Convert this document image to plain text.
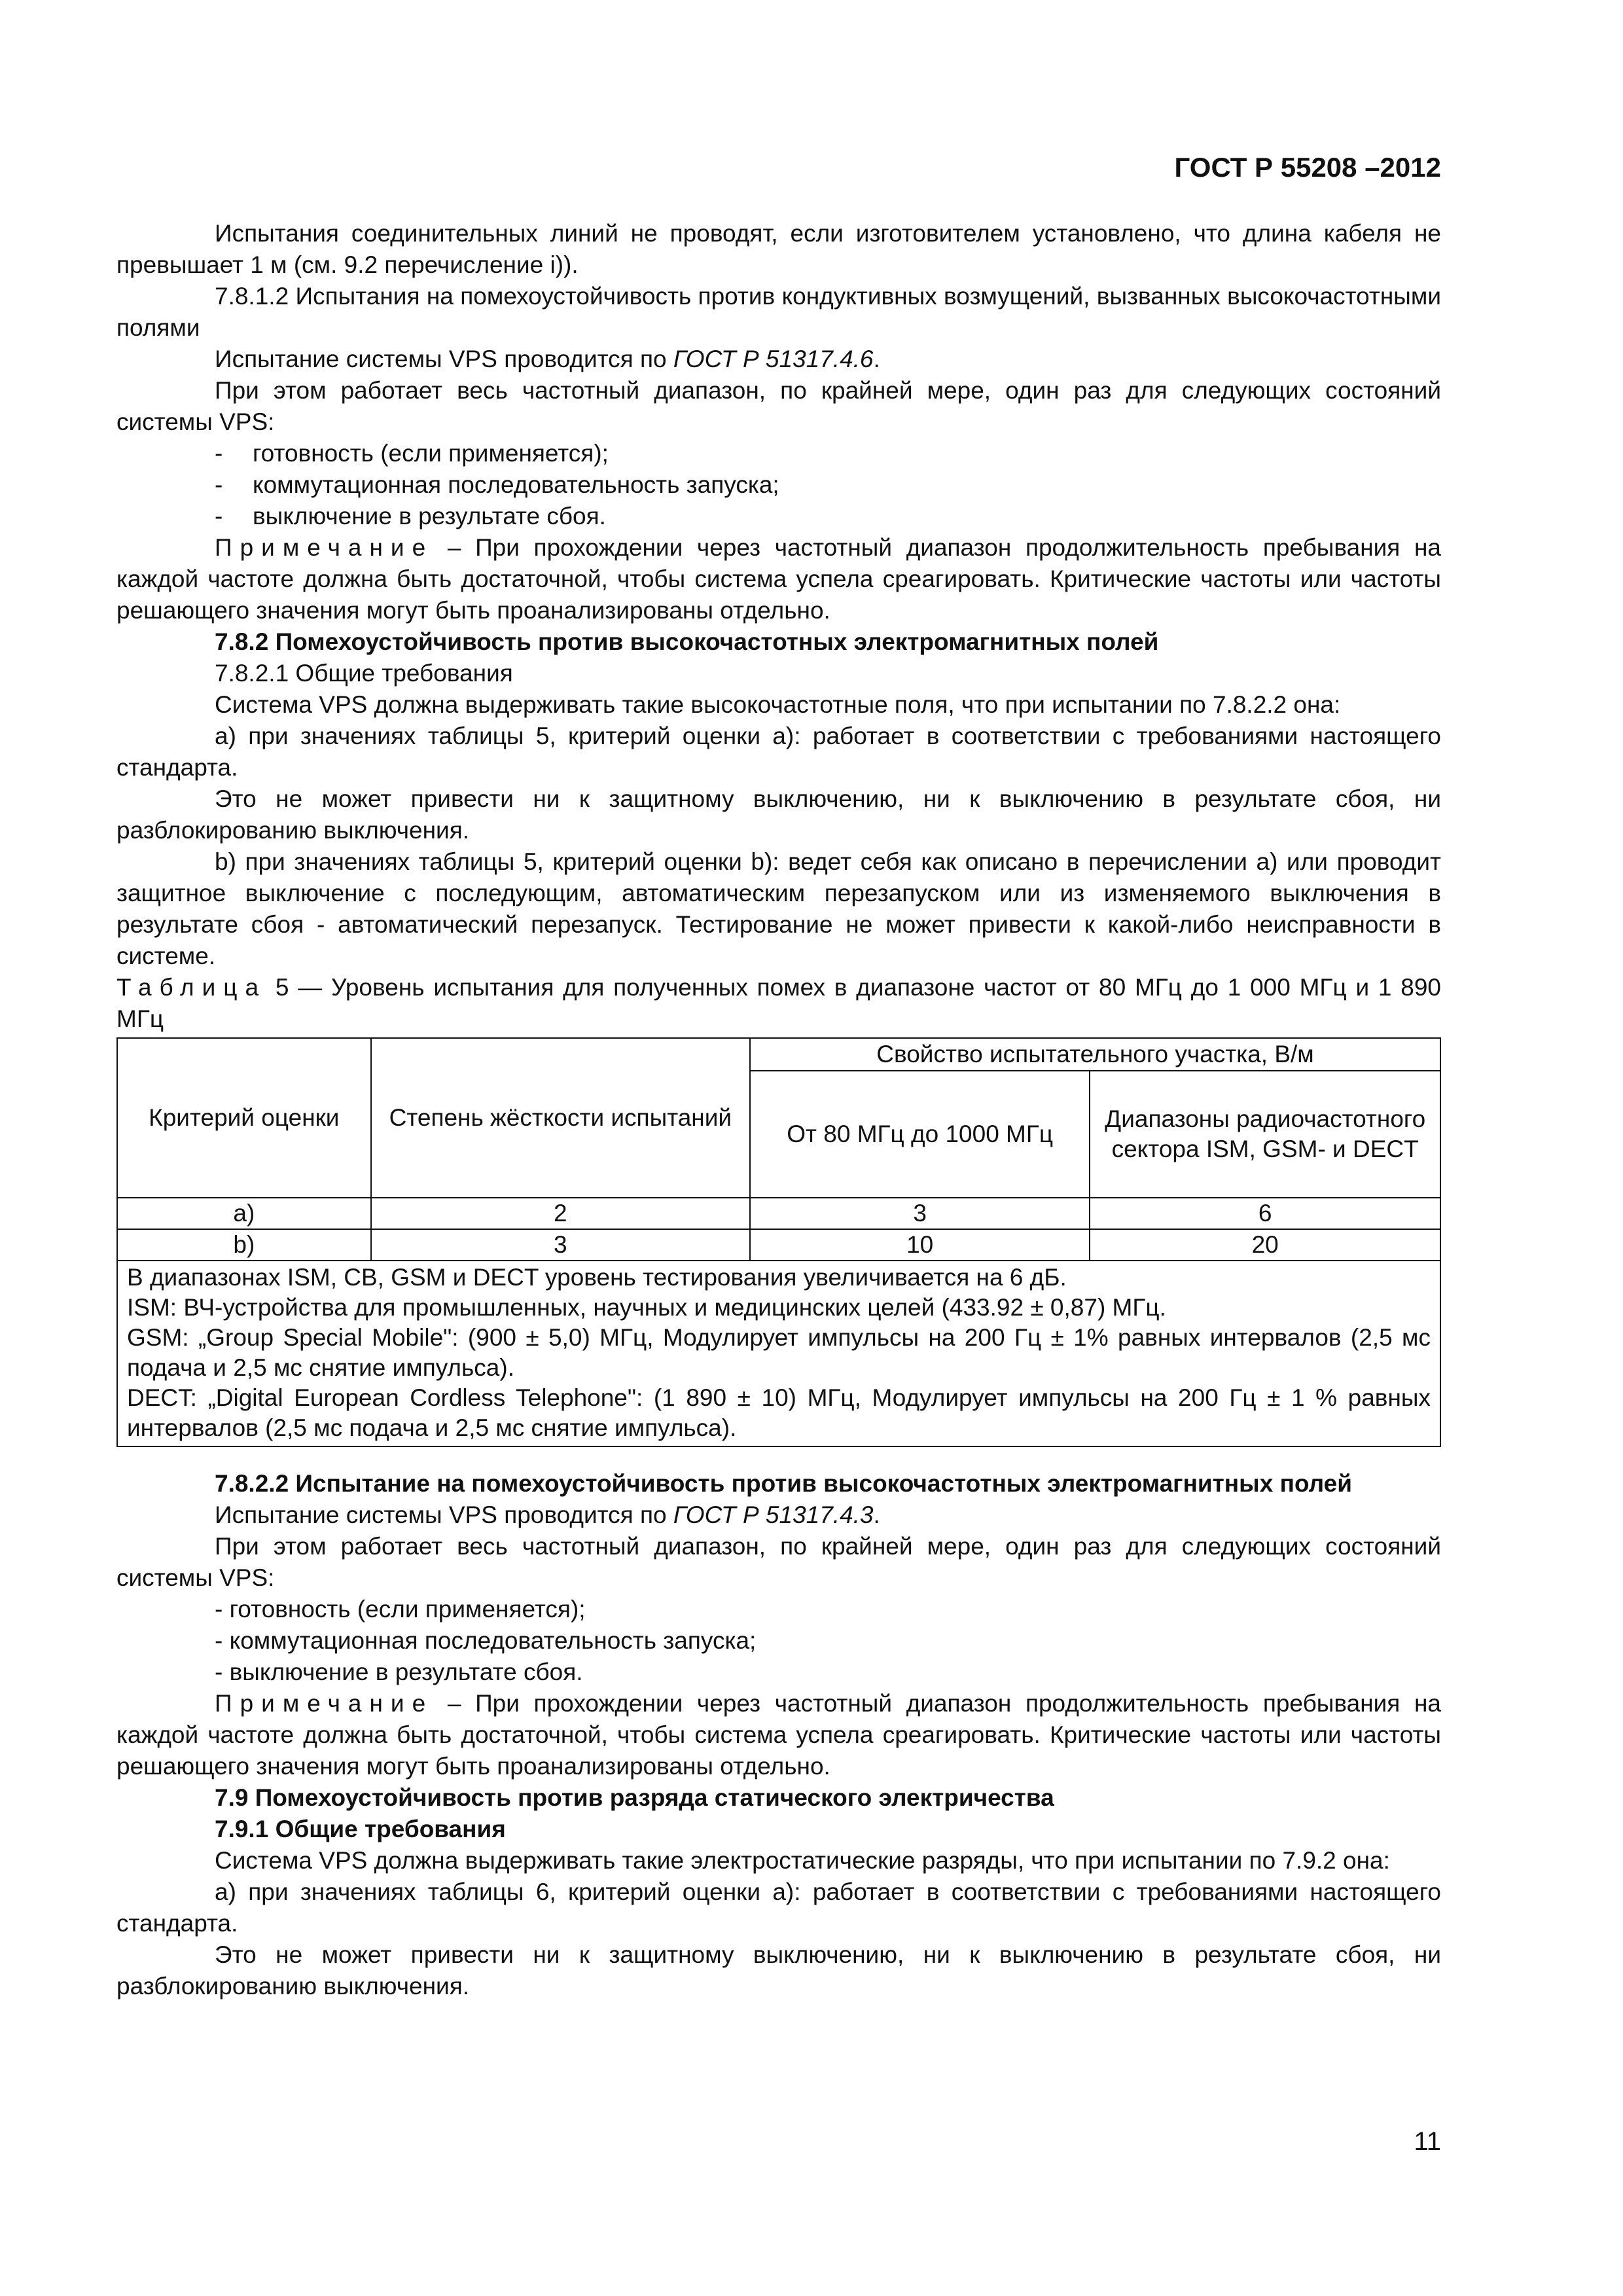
ГОСТ Р 55208 –2012

Испытания соединительных линий не проводят, если изготовителем установлено, что длина кабеля не превышает 1 м (см. 9.2 перечисление i)).

7.8.1.2 Испытания на помехоустойчивость против кондуктивных возмущений, вызванных высокочастотными полями

Испытание системы VPS проводится по ГОСТ Р 51317.4.6.

При этом работает весь частотный диапазон, по крайней мере, один раз для следующих состояний системы VPS:

- готовность (если применяется);

- коммутационная последовательность запуска;

- выключение в результате сбоя.

Примечание – При прохождении через частотный диапазон продолжительность пребывания на каждой частоте должна быть достаточной, чтобы система успела среагировать. Критические частоты или частоты решающего значения могут быть проанализированы отдельно.

7.8.2 Помехоустойчивость против высокочастотных электромагнитных полей

7.8.2.1 Общие требования

Система VPS должна выдерживать такие высокочастотные поля, что при испытании по 7.8.2.2 она:

а) при значениях таблицы 5, критерий оценки а): работает в соответствии с требованиями настоящего стандарта.

Это не может привести ни к защитному выключению, ни к выключению в результате сбоя, ни разблокированию выключения.

b) при значениях таблицы 5, критерий оценки b): ведет себя как описано в перечислении а) или проводит защитное выключение с последующим, автоматическим перезапуском или из изменяемого выключения в результате сбоя - автоматический перезапуск. Тестирование не может привести к какой-либо неисправности в системе.

Таблица 5 — Уровень испытания для полученных помех в диапазоне частот от 80 МГц до 1 000 МГц и 1 890 МГц

Критерий оценки	Степень жёсткости испытаний	Свойство испытательного участка, В/м	
		От 80 МГц до 1000 МГц	Диапазоны радиочастотного сектора ISM, GSM- и DECT
a)	2	3	6
b)	3	10	20

В диапазонах ISM, CB, GSM и DECT уровень тестирования увеличивается на 6 дБ.
ISM: ВЧ-устройства для промышленных, научных и медицинских целей (433.92 ± 0,87) МГц.
GSM: „Group Special Mobile": (900 ± 5,0) МГц, Модулирует импульсы на 200 Гц ± 1% равных интервалов (2,5 мс подача и 2,5 мс снятие импульса).
DECT: „Digital European Cordless Telephone": (1 890 ± 10) МГц, Модулирует импульсы на 200 Гц ± 1 % равных интервалов (2,5 мс подача и 2,5 мс снятие импульса).			

7.8.2.2 Испытание на помехоустойчивость против высокочастотных электромагнитных полей

Испытание системы VPS проводится по ГОСТ Р 51317.4.3.

При этом работает весь частотный диапазон, по крайней мере, один раз для следующих состояний системы VPS:

- готовность (если применяется);

- коммутационная последовательность запуска;

- выключение в результате сбоя.

Примечание – При прохождении через частотный диапазон продолжительность пребывания на каждой частоте должна быть достаточной, чтобы система успела среагировать. Критические частоты или частоты решающего значения могут быть проанализированы отдельно.

7.9 Помехоустойчивость против разряда статического электричества

7.9.1 Общие требования

Система VPS должна выдерживать такие электростатические разряды, что при испытании по 7.9.2 она:

а) при значениях таблицы 6, критерий оценки а): работает в соответствии с требованиями настоящего стандарта.

Это не может привести ни к защитному выключению, ни к выключению в результате сбоя, ни разблокированию выключения.

11
